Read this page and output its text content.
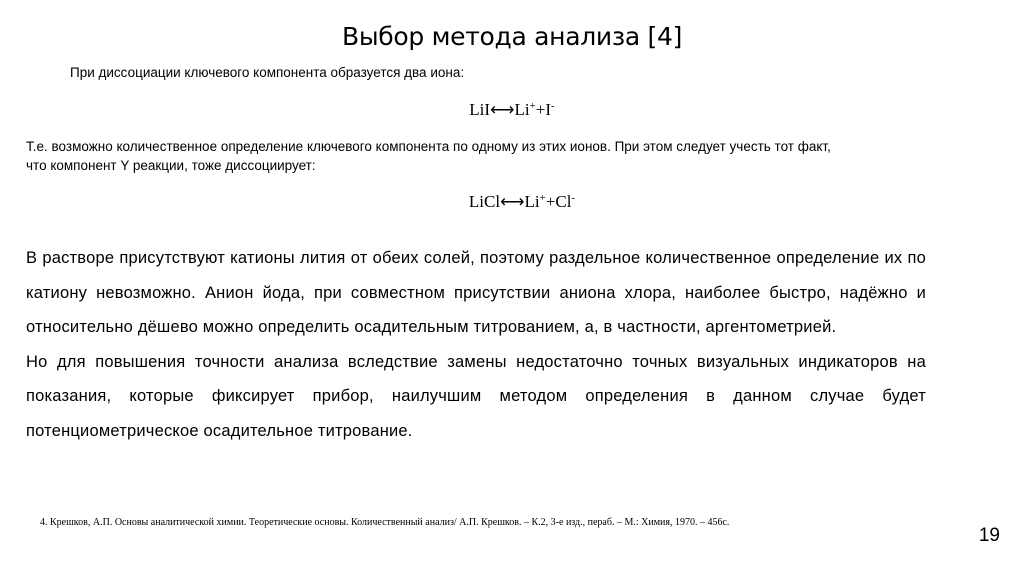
Выбор метода анализа [4]
При диссоциации ключевого компонента образуется два иона:
LiI⟷Li++I-
Т.е. возможно количественное определение ключевого компонента по одному из этих ионов. При этом следует учесть тот факт,
что компонент Y реакции, тоже диссоциирует:
LiCl⟷Li++Cl-

В растворе присутствуют катионы лития от обеих солей, поэтому раздельное количественное определение их по катиону невозможно. Анион йода, при совместном присутствии аниона хлора, наиболее быстро, надёжно и относительно дёшево можно определить осадительным титрованием, а, в частности, аргентометрией.

Но для повышения точности анализа вследствие замены недостаточно точных визуальных индикаторов на показания, которые фиксирует прибор, наилучшим методом определения в данном случае будет потенциометрическое осадительное титрование.

4. Крешков, А.П. Основы аналитической химии. Теоретические основы. Количественный анализ/ А.П. Крешков. – К.2, 3-е изд., пераб. – М.: Химия, 1970. – 456с.
19
